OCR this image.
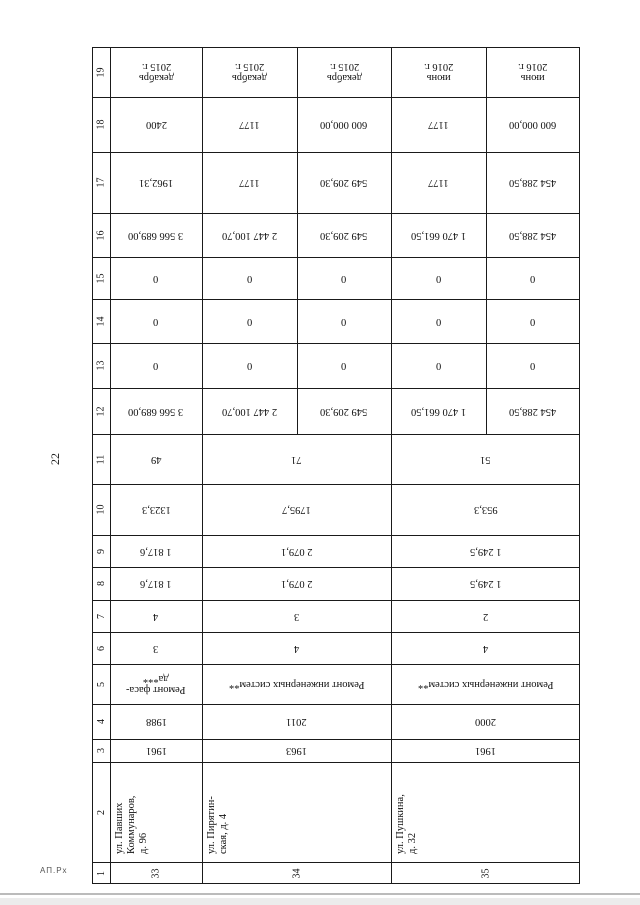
22
1
2
3
4
5
6
7
8
9
10
11
12
13
14
15
16
17
18
19
33
ул. Павших
Коммунаров,
д. 96
1961
1988
Ремонт фаса-
да***
3
4
1 817,6
1 817,6
1323,3
49
3 566 689,00
0
0
0
3 566 689,00
1962,31
2400
декабрь
2015 г.
34
ул. Пирятин-
ская, д. 4
1963
2011
Ремонт инженерных систем**
4
3
2 079,1
2 079,1
1795,7
71
2 447 100,70
0
0
0
2 447 100,70
1177
1177
декабрь
2015 г.
549 209,30
0
0
0
549 209,30
549 209,30
600 000,00
декабрь
2015 г.
35
ул. Пушкина,
д. 32
1961
2000
Ремонт инженерных систем**
4
2
1 249,5
1 249,5
953,3
51
1 470 661,50
0
0
0
1 470 661,50
1177
1177
июнь
2016 г.
454 288,50
0
0
0
454 288,50
454 288,50
600 000,00
июнь
2016 г.
АП.Рх
